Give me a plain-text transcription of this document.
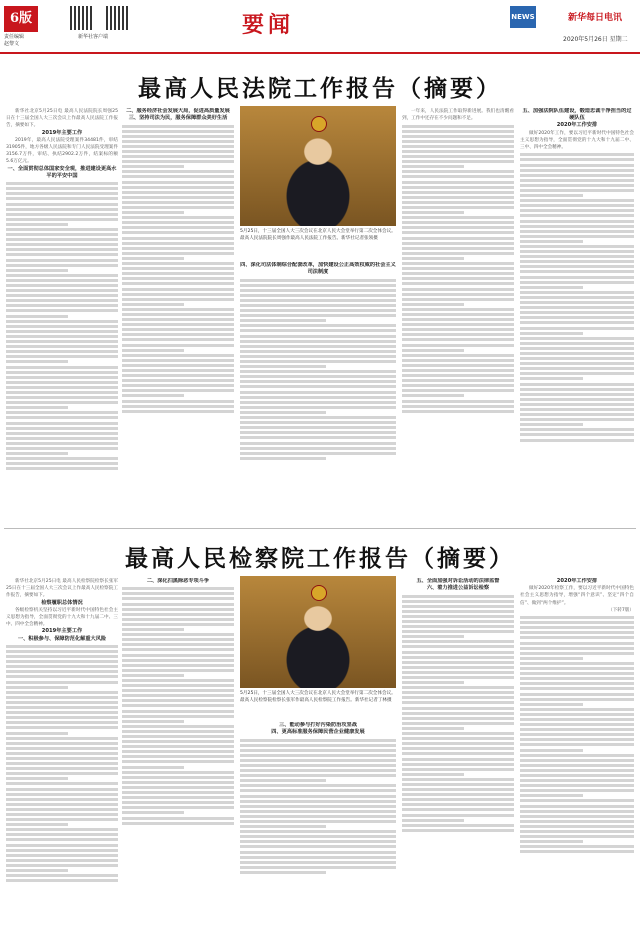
6版
责任编辑
赵黎文
新华社客户端	要闻	NEWS	新华每日电讯
2020年5月26日 星期二
最高人民法院工作报告（摘要）

新华社北京5月25日电 最高人民法院院长周强25日在十三届全国人大三次会议上作最高人民法院工作报告，摘要如下。

2019年主要工作

2019年，最高人民法院受理案件34481件，审结31905件，地方各级人民法院和专门人民法院受理案件3156.7万件，审结、执结2902.2万件，结案标的额5.6万亿元。

一、全面贯彻总体国家安全观，推进建设更高水平的平安中国

二、服务经济社会发展大局，促进高质量发展

三、坚持司法为民，服务保障群众美好生活

5月25日，十三届全国人大三次会议在北京人民大会堂举行第二次全体会议。最高人民法院院长周强作最高人民法院工作报告。新华社记者张领摄

四、深化司法体制综合配套改革，加快建设公正高效权威的社会主义司法制度

一年来，人民法院工作取得新进展。我们也清醒看到，工作中还存在不少问题和不足。

五、加强法院队伍建设，锻造忠诚干净担当的过硬队伍

2020年工作安排

做好2020年工作，要以习近平新时代中国特色社会主义思想为指导，全面贯彻党的十九大和十九届二中、三中、四中全会精神。

最高人民检察院工作报告（摘要）

新华社北京5月25日电 最高人民检察院检察长张军25日在十三届全国人大三次会议上作最高人民检察院工作报告，摘要如下。

检察履职总体情况

各级检察机关坚持以习近平新时代中国特色社会主义思想为指导，全面贯彻党的十九大和十九届二中、三中、四中全会精神。

2019年主要工作

一、积极参与、保障防范化解重大风险

二、深化扫黑除恶专项斗争

5月25日，十三届全国人大三次会议在北京人民大会堂举行第二次全体会议。最高人民检察院检察长张军作最高人民检察院工作报告。新华社记者丁林摄

三、能动参与打好污染防治攻坚战

四、更高标准服务保障民营企业健康发展

五、全面加强对诉讼活动的法律监督

六、着力推进公益诉讼检察

2020年工作安排

做好2020年检察工作，要以习近平新时代中国特色社会主义思想为指导，增强“四个意识”、坚定“四个自信”、做到“两个维护”。

（下转7版）
